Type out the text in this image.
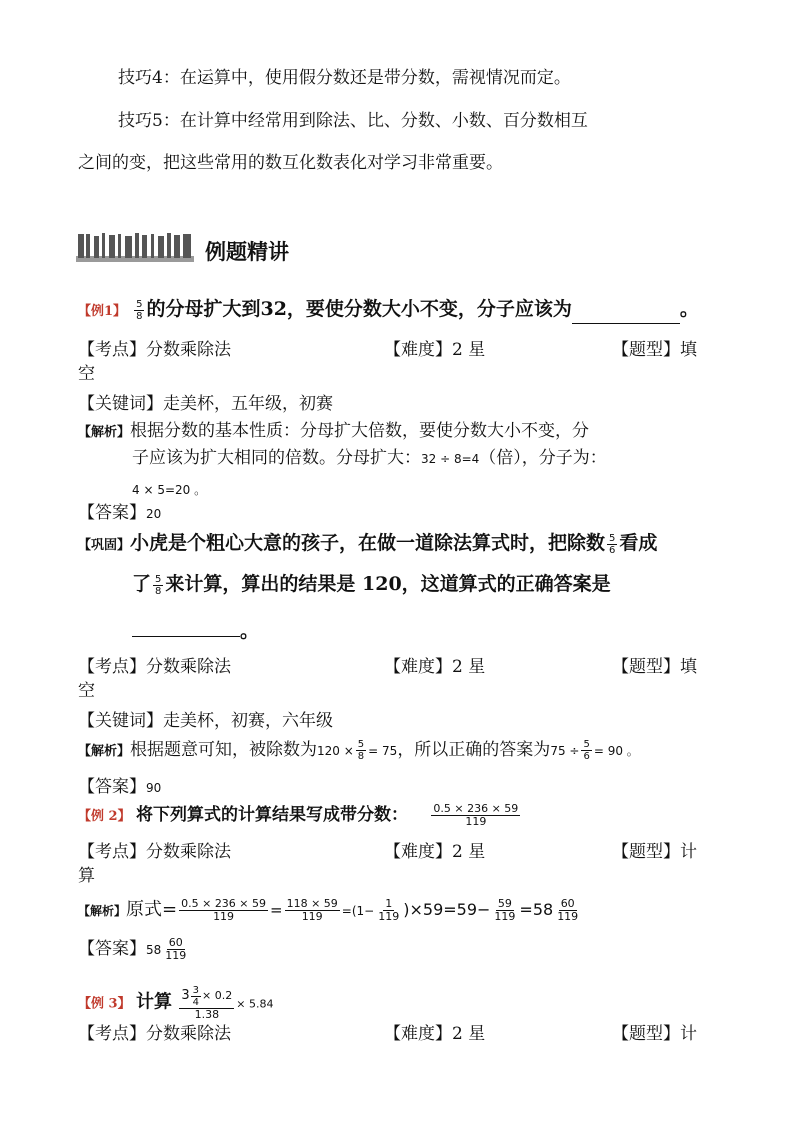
技巧4：在运算中，使用假分数还是带分数，需视情况而定。
技巧5：在计算中经常用到除法、比、分数、小数、百分数相互
之间的变，把这些常用的数互化数表化对学习非常重要。
例题精讲
【例1】 $\frac{5}{8}$ 的分母扩大到32，要使分数大小不变，分子应该为	。
【考点】分数乘除法	【难度】2 星	【题型】填
空
【关键词】走美杯，五年级，初赛
【解析】根据分数的基本性质：分母扩大倍数，要使分数大小不变，分
子应该为扩大相同的倍数。分母扩大：32 ÷ 8=4（倍），分子为：
4 × 5=20 。
【答案】20
【巩固】小虎是个粗心大意的孩子，在做一道除法算式时，把除数 $\frac{5}{6}$ 看成
了 $\frac{5}{8}$ 来计算，算出的结果是 120，这道算式的正确答案是
。
【考点】分数乘除法	【难度】2 星	【题型】填
空
【关键词】走美杯，初赛，六年级
【解析】根据题意可知，被除数为$120 \times \frac{5}{8} = 75$，所以正确的答案为$75 \div \frac{5}{6} = 90$ 。
【答案】90
【例 2】 将下列算式的计算结果写成带分数： $\frac{0.5 \times 236 \times 59}{119}$
【考点】分数乘除法	【难度】2 星	【题型】计
算
【解析】原式= $\frac{0.5 \times 236 \times 59}{119} = \frac{118 \times 59}{119} =(1- \frac{1}{119} )\times 59=59- \frac{59}{119} =58 \frac{60}{119}$
【答案】$58 \frac{60}{119}$
【例 3】 计算 $\frac{3 \frac{3}{4} \times 0.2}{1.38} \times 5.84$
【考点】分数乘除法	【难度】2 星	【题型】计
